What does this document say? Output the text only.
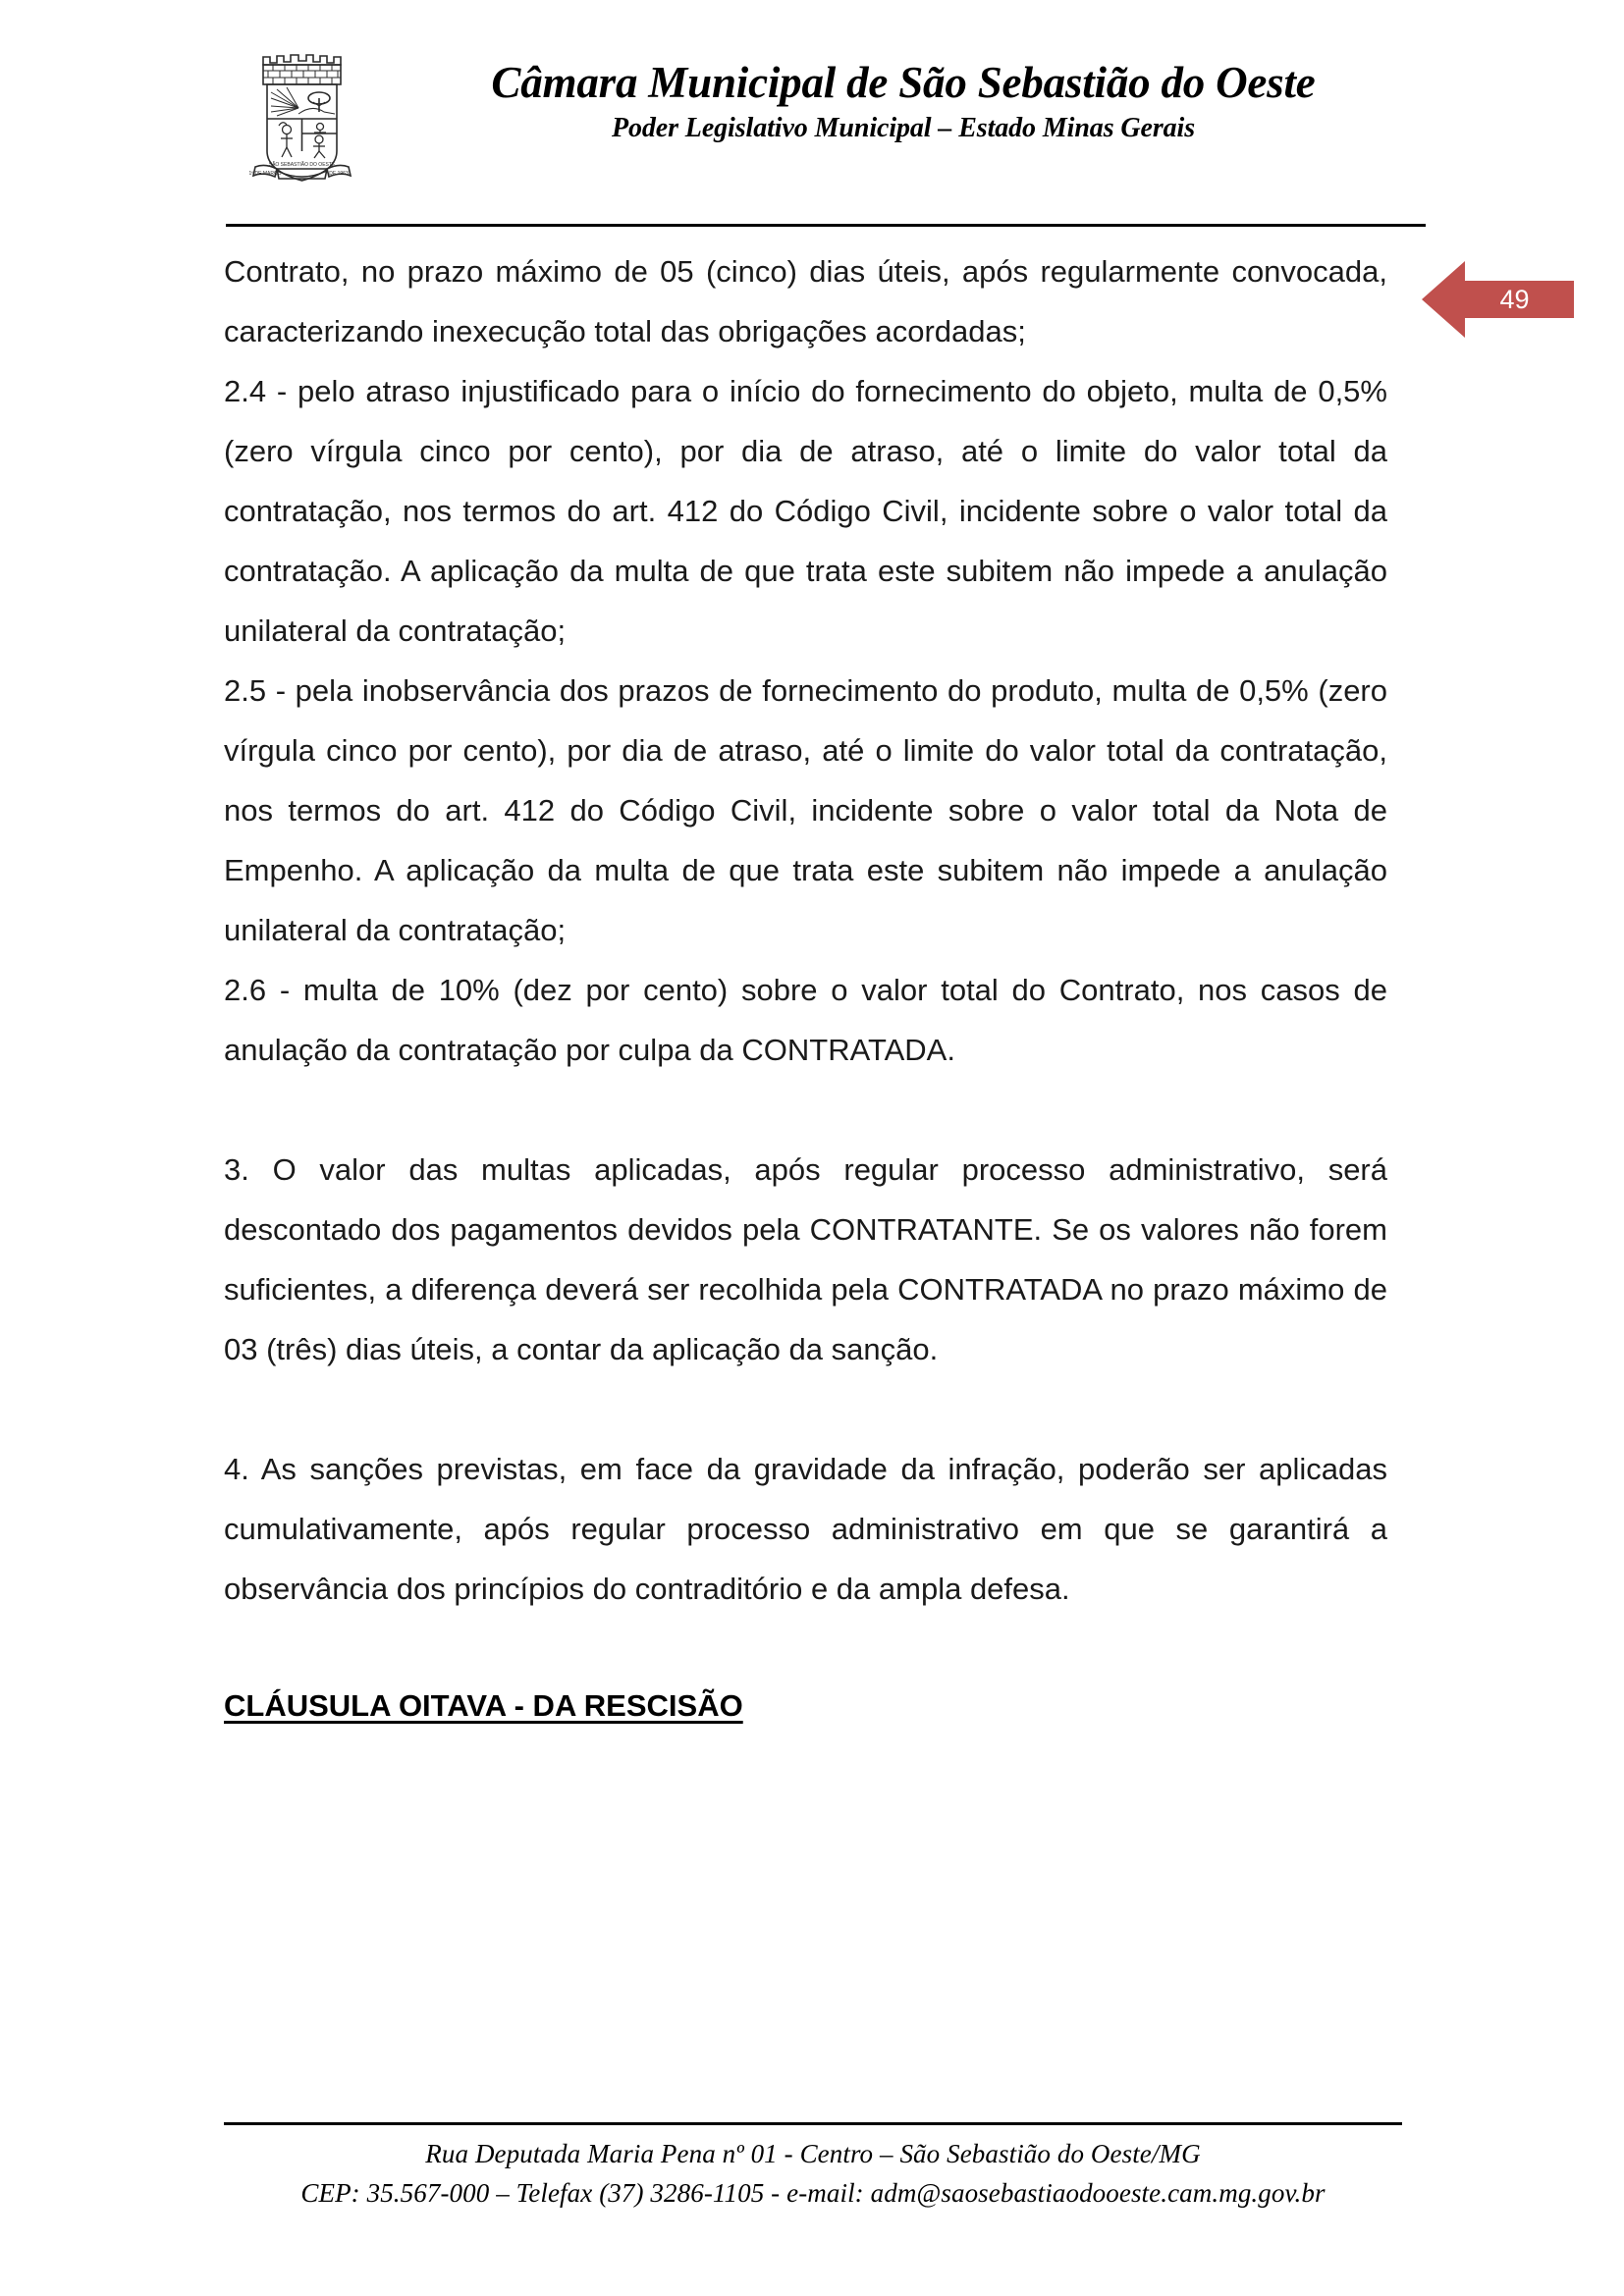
SÃO SEBASTIÃO DO OESTE
1º DE MARÇO	DE 1963
Câmara Municipal de São Sebastião do Oeste
Poder Legislativo Municipal – Estado Minas Gerais
49

Contrato, no prazo máximo de 05 (cinco) dias úteis, após regularmente convocada, caracterizando inexecução total das obrigações acordadas;

2.4 - pelo atraso injustificado para o início do fornecimento do objeto, multa de 0,5% (zero vírgula cinco por cento), por dia de atraso, até o limite do valor total da contratação, nos termos do art. 412 do Código Civil, incidente sobre o valor total da contratação. A aplicação da multa de que trata este subitem não impede a anulação unilateral da contratação;

2.5 - pela inobservância dos prazos de fornecimento do produto, multa de 0,5% (zero vírgula cinco por cento), por dia de atraso, até o limite do valor total da contratação, nos termos do art. 412 do Código Civil, incidente sobre o valor total da Nota de Empenho. A aplicação da multa de que trata este subitem não impede a anulação unilateral da contratação;

2.6 - multa de 10% (dez por cento) sobre o valor total do Contrato, nos casos de anulação da contratação por culpa da CONTRATADA.

3. O valor das multas aplicadas, após regular processo administrativo, será descontado dos pagamentos devidos pela CONTRATANTE. Se os valores não forem suficientes, a diferença deverá ser recolhida pela CONTRATADA no prazo máximo de 03 (três) dias úteis, a contar da aplicação da sanção.

4. As sanções previstas, em face da gravidade da infração, poderão ser aplicadas cumulativamente, após regular processo administrativo em que se garantirá a observância dos princípios do contraditório e da ampla defesa.

CLÁUSULA OITAVA - DA RESCISÃO

Rua Deputada Maria Pena nº 01 - Centro – São Sebastião do Oeste/MG
CEP: 35.567-000 – Telefax (37) 3286-1105 - e-mail: adm@saosebastiaodooeste.cam.mg.gov.br
